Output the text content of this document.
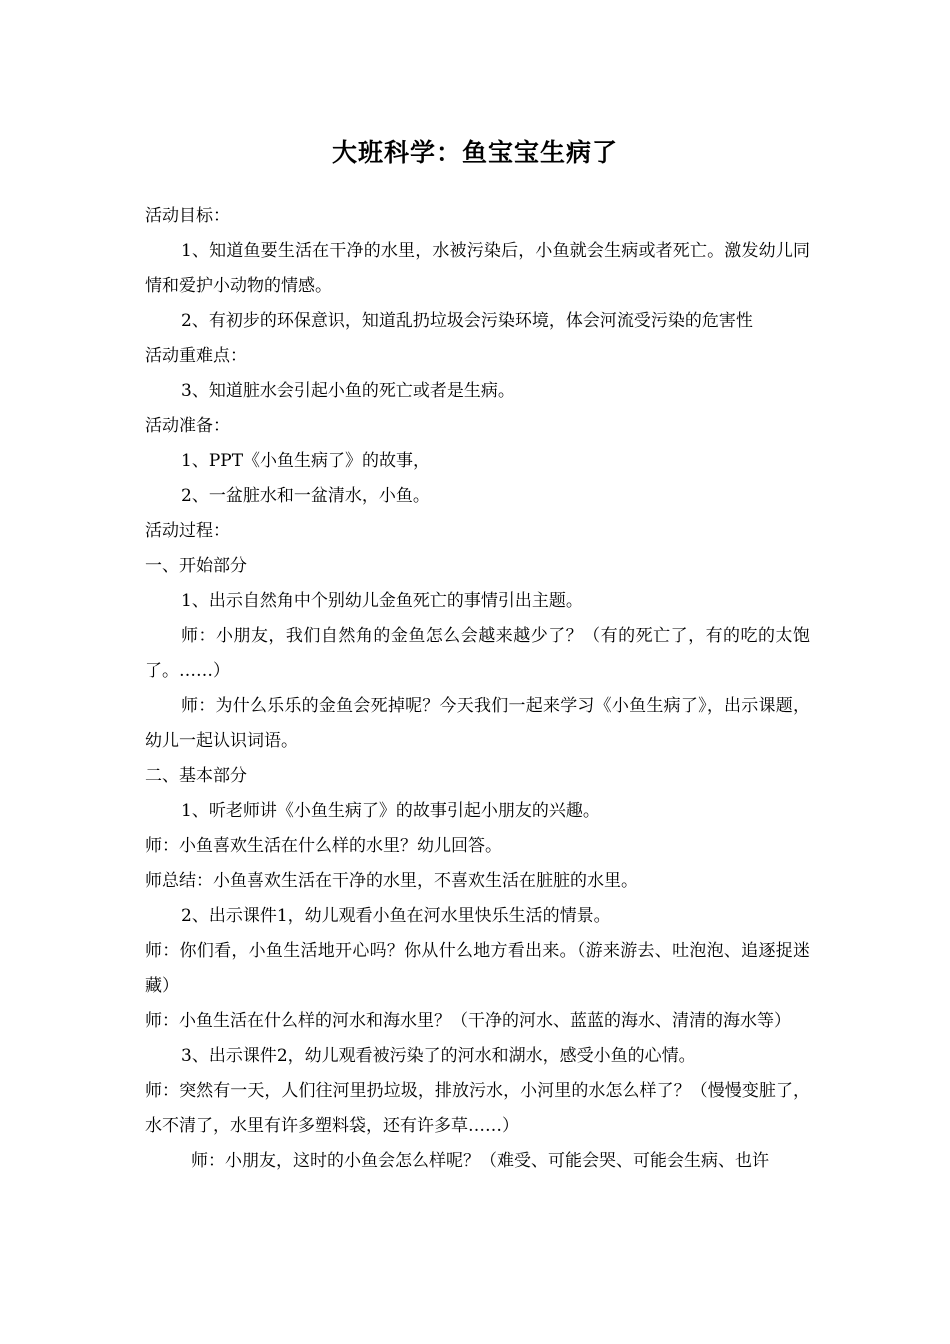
大班科学：鱼宝宝生病了

活动目标：

1、知道鱼要生活在干净的水里，水被污染后，小鱼就会生病或者死亡。激发幼儿同情和爱护小动物的情感。

2、有初步的环保意识，知道乱扔垃圾会污染环境，体会河流受污染的危害性

活动重难点：

3、知道脏水会引起小鱼的死亡或者是生病。

活动准备：

1、PPT《小鱼生病了》的故事，

2、一盆脏水和一盆清水，小鱼。

活动过程：

一、开始部分

1、出示自然角中个别幼儿金鱼死亡的事情引出主题。

师：小朋友，我们自然角的金鱼怎么会越来越少了？（有的死亡了，有的吃的太饱了。……）

师：为什么乐乐的金鱼会死掉呢？今天我们一起来学习《小鱼生病了》，出示课题，幼儿一起认识词语。

二、基本部分

1、听老师讲《小鱼生病了》的故事引起小朋友的兴趣。

师：小鱼喜欢生活在什么样的水里？幼儿回答。

师总结：小鱼喜欢生活在干净的水里，不喜欢生活在脏脏的水里。

2、出示课件1，幼儿观看小鱼在河水里快乐生活的情景。

师：你们看，小鱼生活地开心吗？你从什么地方看出来。（游来游去、吐泡泡、追逐捉迷藏）

师：小鱼生活在什么样的河水和海水里？（干净的河水、蓝蓝的海水、清清的海水等）

3、出示课件2，幼儿观看被污染了的河水和湖水，感受小鱼的心情。

师：突然有一天，人们往河里扔垃圾，排放污水，小河里的水怎么样了？（慢慢变脏了，水不清了，水里有许多塑料袋，还有许多草……）

师：小朋友，这时的小鱼会怎么样呢？（难受、可能会哭、可能会生病、也许
